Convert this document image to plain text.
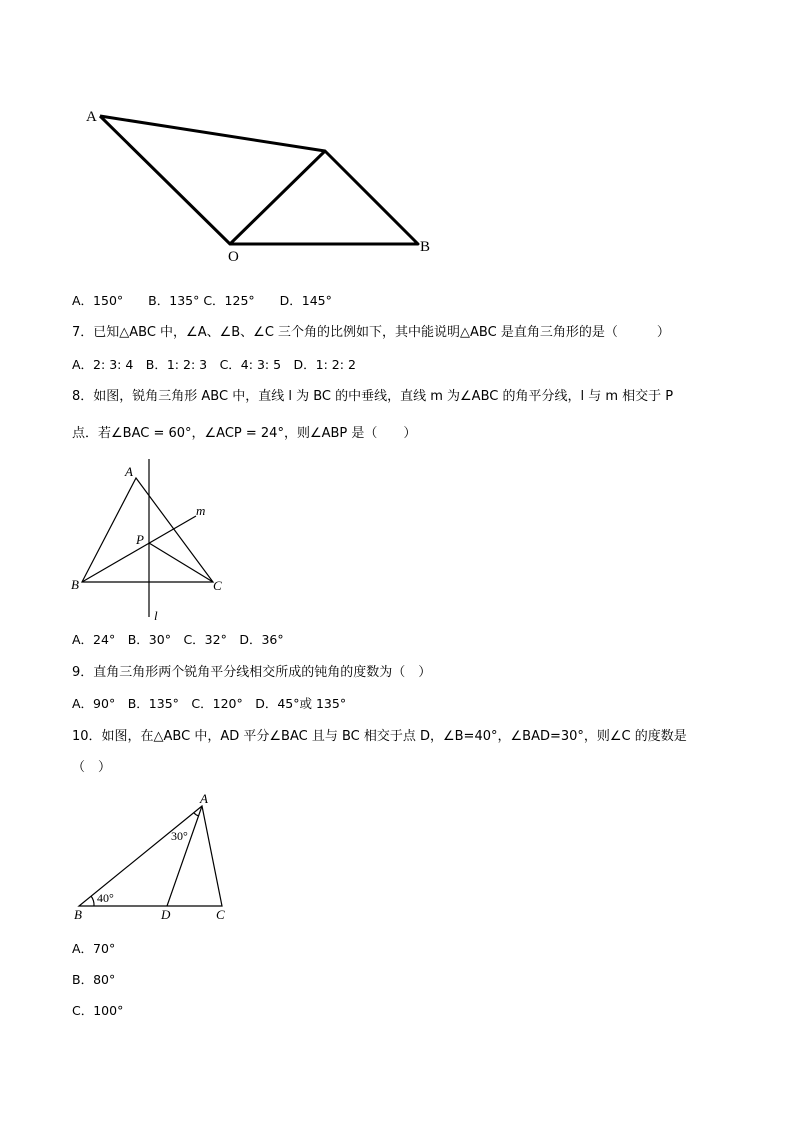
A
O
B
A．150°　　B．135° C．125°　　D．145°
7．已知△ABC 中，∠A、∠B、∠C 三个角的比例如下，其中能说明△ABC 是直角三角形的是（　　　）
A．2: 3: 4　B．1: 2: 3　C．4: 3: 5　D．1: 2: 2
8．如图，锐角三角形 ABC 中，直线 l 为 BC 的中垂线，直线 m 为∠ABC 的角平分线，l 与 m 相交于 P
点．若∠BAC = 60°，∠ACP = 24°，则∠ABP 是（　　）
A
B	C
P
m
l
A．24°　B．30°　C．32°　D．36°
9．直角三角形两个锐角平分线相交所成的钝角的度数为（　）
A．90°　B．135°　C．120°　D．45°或 135°
10．如图，在△ABC 中，AD 平分∠BAC 且与 BC 相交于点 D，∠B=40°，∠BAD=30°，则∠C 的度数是
（　）
A
B	C
D
40°
30°
A．70°
B．80°
C．100°
